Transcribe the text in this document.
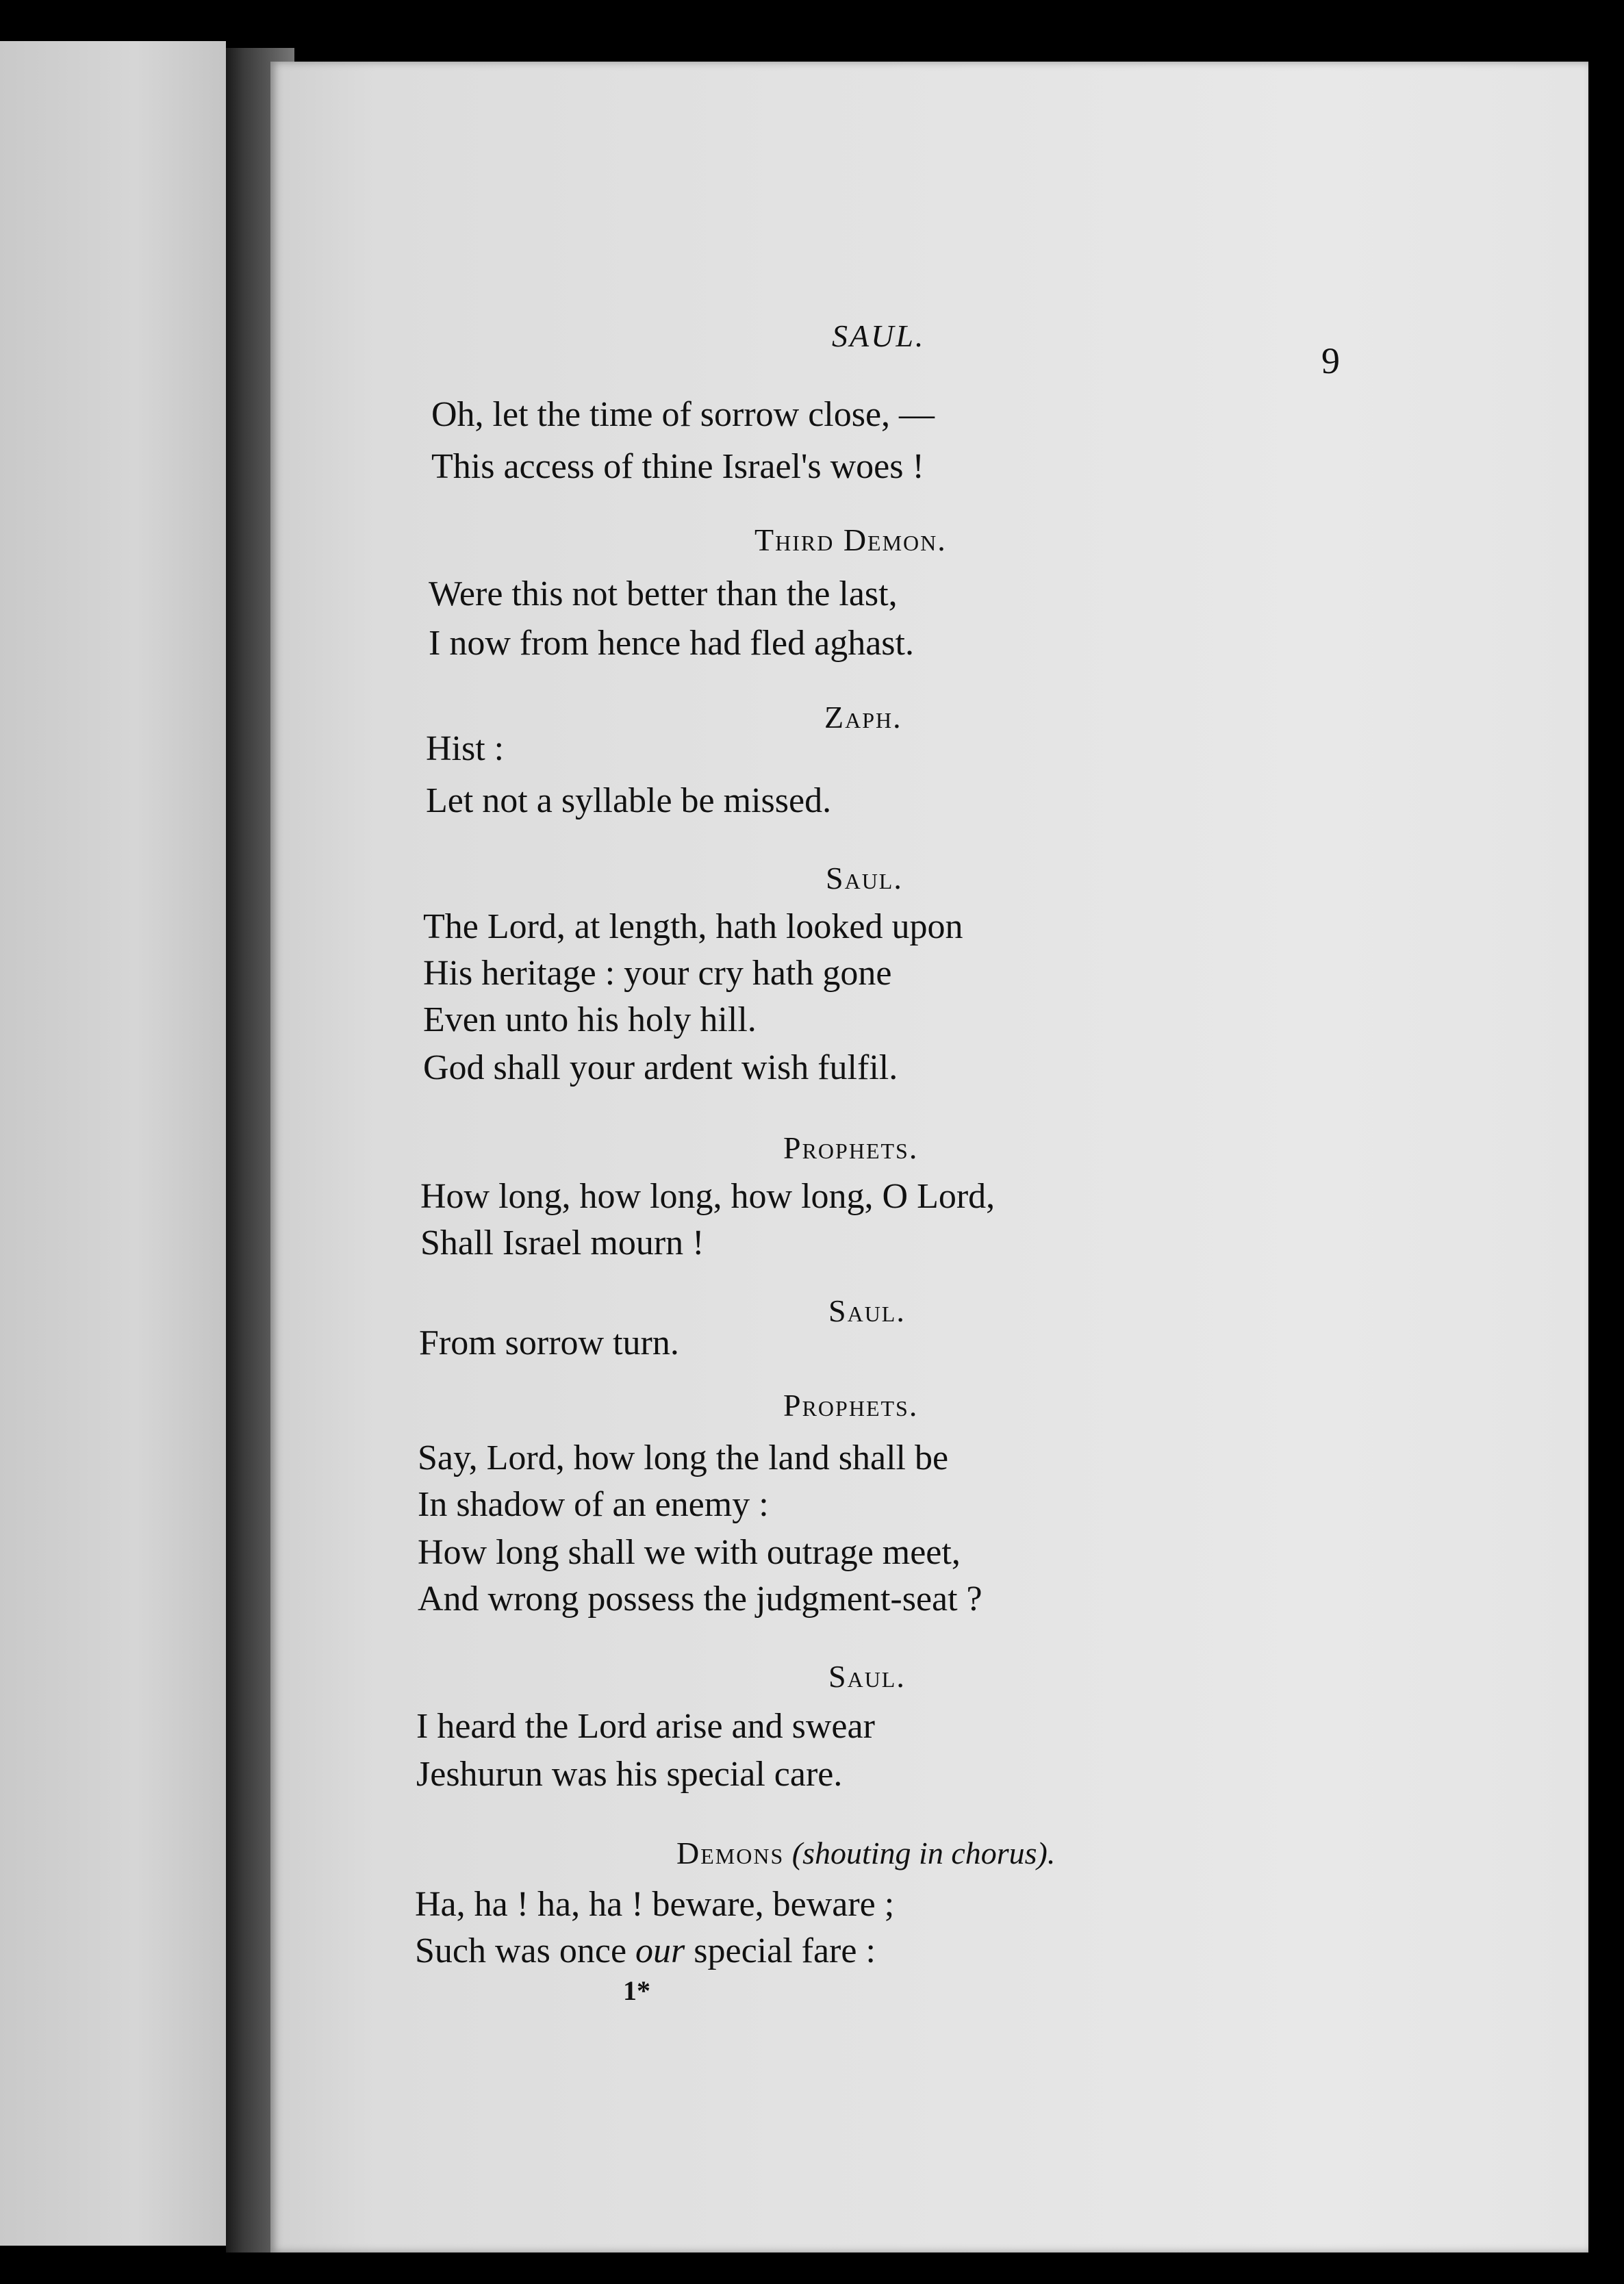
SAUL.
9
Oh, let the time of sorrow close, —
This access of thine Israel's woes !
Third Demon.
Were this not better than the last,
I now from hence had fled aghast.
Zaph.
Hist :
Let not a syllable be missed.
Saul.
The Lord, at length, hath looked upon
His heritage : your cry hath gone
Even unto his holy hill.
God shall your ardent wish fulfil.
Prophets.
How long, how long, how long, O Lord,
Shall Israel mourn !
Saul.
From sorrow turn.
Prophets.
Say, Lord, how long the land shall be
In shadow of an enemy :
How long shall we with outrage meet,
And wrong possess the judgment-seat ?
Saul.
I heard the Lord arise and swear
Jeshurun was his special care.
Demons (shouting in chorus).
Ha, ha ! ha, ha ! beware, beware ;
Such was once our special fare :
1*
